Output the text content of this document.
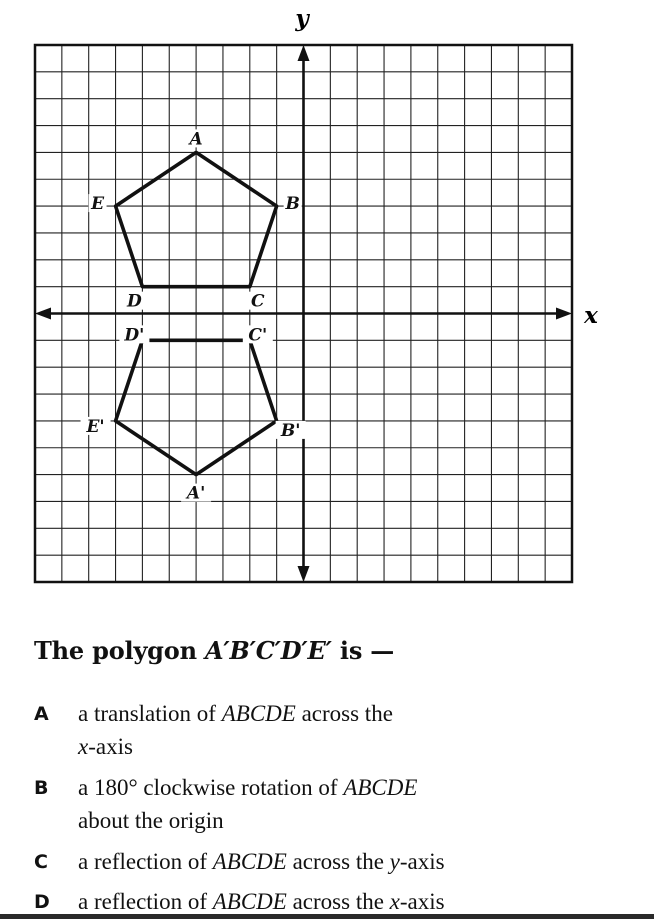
A
B
C
D
E
A'
B'
C'
D'
E'
x
y
The polygon A′B′C′D′E′ is —
A a translation of ABCDE across the
x-axis
B a 180° clockwise rotation of ABCDE
about the origin
C a reflection of ABCDE across the y-axis
D a reflection of ABCDE across the x-axis
